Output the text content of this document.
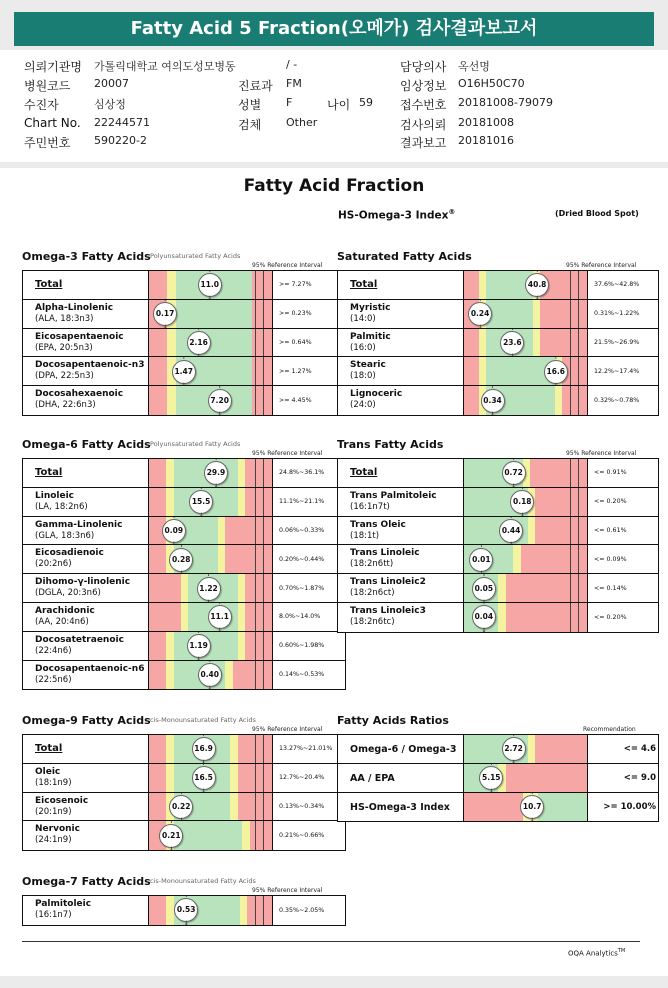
Fatty Acid 5 Fraction(오메가) 검사결과보고서
의뢰기관명 가톨릭대학교 여의도성모병동
병원코드 20007
수진자	심상정
Chart No. 22244571
주민번호 590220-2
/ -
진료과 FM
성별 F	나이 59
검체 Other
담당의사 옥선명
임상정보 O16H50C70
접수번호 20181008-79079
검사의뢰 20181008
결과보고 20181016
Fatty Acid Fraction
HS-Omega-3 Index®	(Dried Blood Spot)
OQA Analytics™
Omega-3 Fatty Acids Polyunsaturated Fatty Acids
95% Reference Interval
Total	↑ 11.0 ↓	>= 7.27%
Alpha-Linolenic
(ALA, 18:3n3)
↑ 0.17 ↓	>= 0.23%
Eicosapentaenoic
(EPA, 20:5n3)
↑ 2.16 ↓	>= 0.64%
Docosapentaenoic-n3
(DPA, 22:5n3)
↑ 1.47 ↓	>= 1.27%
Docosahexaenoic
(DHA, 22:6n3)
↑ 7.20 ↓	>= 4.45%
Saturated Fatty Acids
95% Reference Interval
Total	↑ 40.8 ↓	37.6%~42.8%
Myristic
(14:0)
↑ 0.24 ↓	0.31%~1.22%
Palmitic
(16:0)
↑ 23.6 ↓	21.5%~26.9%
Stearic
(18:0)
↑ 16.6 ↓	12.2%~17.4%
Lignoceric
(24:0)
↑ 0.34 ↓	0.32%~0.78%
Omega-6 Fatty Acids Polyunsaturated Fatty Acids
95% Reference Interval
Total	↑ 29.9 ↓	24.8%~36.1%
Linoleic
(LA, 18:2n6)
↑ 15.5 ↓	11.1%~21.1%
Gamma-Linolenic
(GLA, 18:3n6)
↑ 0.09 ↓	0.06%~0.33%
Eicosadienoic
(20:2n6)
↑ 0.28 ↓	0.20%~0.44%
Dihomo-γ-linolenic
(DGLA, 20:3n6)
↑ 1.22 ↓	0.70%~1.87%
Arachidonic
(AA, 20:4n6)
↑ 11.1 ↓	8.0%~14.0%
Docosatetraenoic
(22:4n6)
↑ 1.19 ↓	0.60%~1.98%
Docosapentaenoic-n6
(22:5n6)
↑ 0.40 ↓	0.14%~0.53%
Trans Fatty Acids
95% Reference Interval
Total	↑ 0.72 ↓	<= 0.91%
Trans Palmitoleic
(16:1n7t)
↑ 0.18 ↓	<= 0.20%
Trans Oleic
(18:1t)
↑ 0.44 ↓	<= 0.61%
Trans Linoleic
(18:2n6tt)
↑ 0.01 ↓	<= 0.09%
Trans Linoleic2
(18:2n6ct)
↑ 0.05 ↓	<= 0.14%
Trans Linoleic3
(18:2n6tc)
↑ 0.04 ↓	<= 0.20%
Omega-9 Fatty Acids cis-Monounsaturated Fatty Acids
95% Reference Interval
Total	↑ 16.9 ↓	13.27%~21.01%
Oleic
(18:1n9)
↑ 16.5 ↓	12.7%~20.4%
Eicosenoic
(20:1n9)
↑ 0.22 ↓	0.13%~0.34%
Nervonic
(24:1n9)
↑ 0.21 ↓	0.21%~0.66%
Fatty Acids Ratios
Recommendation
Omega-6 / Omega-3	↑ 2.72 ↓	<= 4.6
AA / EPA	↑ 5.15 ↓	<= 9.0
HS-Omega-3 Index	↑ 10.7 ↓	>= 10.00%
Omega-7 Fatty Acids cis-Monounsaturated Fatty Acids
95% Reference Interval
Palmitoleic
(16:1n7)
↑ 0.53 ↓	0.35%~2.05%
